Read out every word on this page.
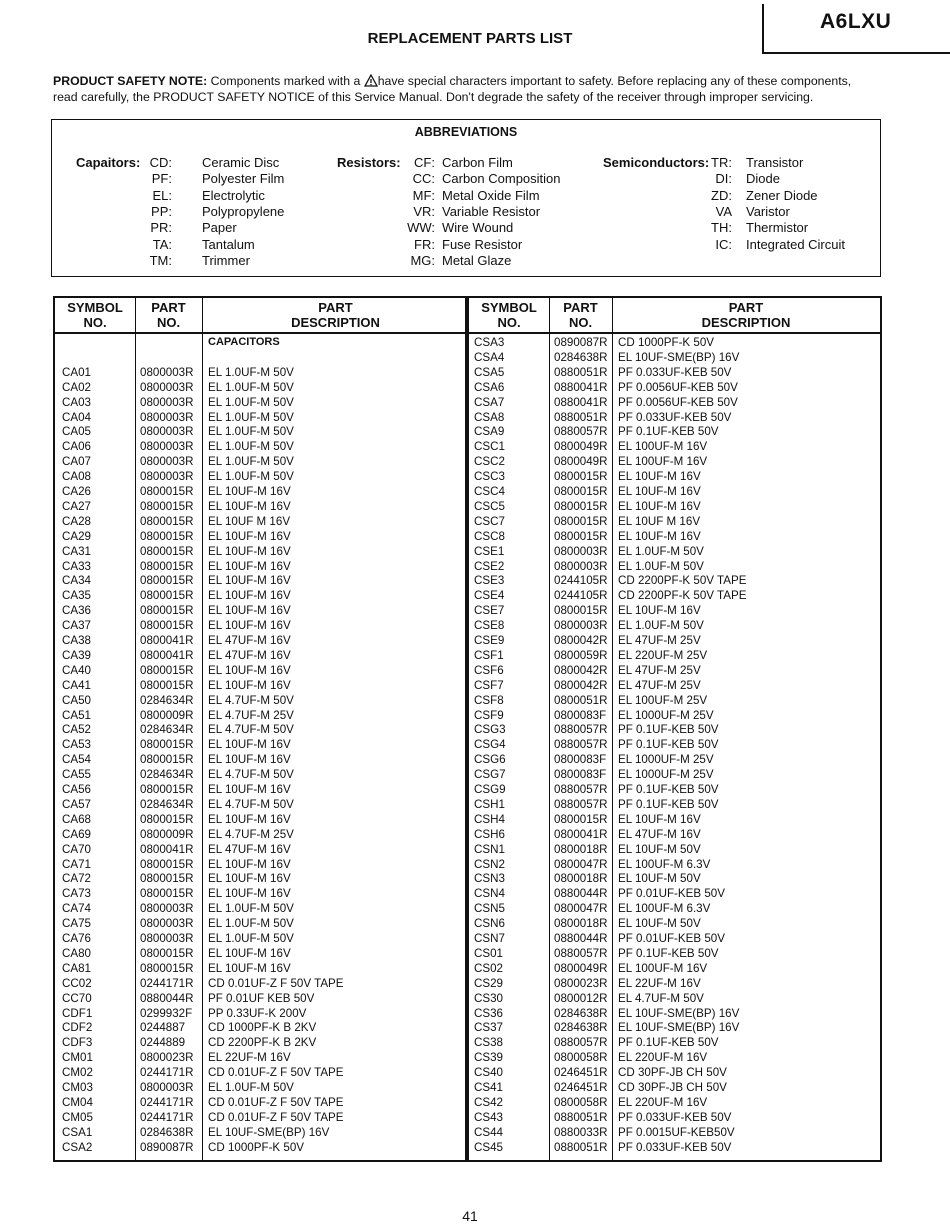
A6LXU
REPLACEMENT PARTS LIST
PRODUCT SAFETY NOTE: Components marked with a have special characters important to safety. Before replacing any of these components,
read carefully, the PRODUCT SAFETY NOTICE of this Service Manual. Don't degrade the safety of the receiver through improper servicing.
ABBREVIATIONS
Capaitors: CD: Ceramic Disc
PF: Polyester Film
EL: Electrolytic
PP: Polypropylene
PR: Paper
TA: Tantalum
TM: Trimmer
Resistors:	CF: Carbon Film
CC: Carbon Composition
MF: Metal Oxide Film
VR: Variable Resistor
WW: Wire Wound
FR: Fuse Resistor
MG: Metal Glaze
Semiconductors: TR: Transistor
DI: Diode
ZD: Zener Diode
VA Varistor
TH: Thermistor
IC: Integrated Circuit
SYMBOL
NO.
PART
NO.
PART
DESCRIPTION
CAPACITORS
CA01	0800003R	EL 1.0UF-M 50V
CA02	0800003R	EL 1.0UF-M 50V
CA03	0800003R	EL 1.0UF-M 50V
CA04	0800003R	EL 1.0UF-M 50V
CA05	0800003R	EL 1.0UF-M 50V
CA06	0800003R	EL 1.0UF-M 50V
CA07	0800003R	EL 1.0UF-M 50V
CA08	0800003R	EL 1.0UF-M 50V
CA26	0800015R	EL 10UF-M 16V
CA27	0800015R	EL 10UF-M 16V
CA28	0800015R	EL 10UF M 16V
CA29	0800015R	EL 10UF-M 16V
CA31	0800015R	EL 10UF-M 16V
CA33	0800015R	EL 10UF-M 16V
CA34	0800015R	EL 10UF-M 16V
CA35	0800015R	EL 10UF-M 16V
CA36	0800015R	EL 10UF-M 16V
CA37	0800015R	EL 10UF-M 16V
CA38	0800041R	EL 47UF-M 16V
CA39	0800041R	EL 47UF-M 16V
CA40	0800015R	EL 10UF-M 16V
CA41	0800015R	EL 10UF-M 16V
CA50	0284634R	EL 4.7UF-M 50V
CA51	0800009R	EL 4.7UF-M 25V
CA52	0284634R	EL 4.7UF-M 50V
CA53	0800015R	EL 10UF-M 16V
CA54	0800015R	EL 10UF-M 16V
CA55	0284634R	EL 4.7UF-M 50V
CA56	0800015R	EL 10UF-M 16V
CA57	0284634R	EL 4.7UF-M 50V
CA68	0800015R	EL 10UF-M 16V
CA69	0800009R	EL 4.7UF-M 25V
CA70	0800041R	EL 47UF-M 16V
CA71	0800015R	EL 10UF-M 16V
CA72	0800015R	EL 10UF-M 16V
CA73	0800015R	EL 10UF-M 16V
CA74	0800003R	EL 1.0UF-M 50V
CA75	0800003R	EL 1.0UF-M 50V
CA76	0800003R	EL 1.0UF-M 50V
CA80	0800015R	EL 10UF-M 16V
CA81	0800015R	EL 10UF-M 16V
CC02	0244171R	CD 0.01UF-Z F 50V TAPE
CC70	0880044R	PF 0.01UF KEB 50V
CDF1	0299932F	PP 0.33UF-K 200V
CDF2	0244887	CD 1000PF-K B 2KV
CDF3	0244889	CD 2200PF-K B 2KV
CM01	0800023R	EL 22UF-M 16V
CM02	0244171R	CD 0.01UF-Z F 50V TAPE
CM03	0800003R	EL 1.0UF-M 50V
CM04	0244171R	CD 0.01UF-Z F 50V TAPE
CM05	0244171R	CD 0.01UF-Z F 50V TAPE
CSA1	0284638R	EL 10UF-SME(BP) 16V
CSA2	0890087R	CD 1000PF-K 50V
SYMBOL
NO.
PART
NO.
PART
DESCRIPTION
CSA3	0890087R CD 1000PF-K 50V
CSA4	0284638R EL 10UF-SME(BP) 16V
CSA5	0880051R PF 0.033UF-KEB 50V
CSA6	0880041R PF 0.0056UF-KEB 50V
CSA7	0880041R PF 0.0056UF-KEB 50V
CSA8	0880051R PF 0.033UF-KEB 50V
CSA9	0880057R PF 0.1UF-KEB 50V
CSC1	0800049R EL 100UF-M 16V
CSC2	0800049R EL 100UF-M 16V
CSC3	0800015R EL 10UF-M 16V
CSC4	0800015R EL 10UF-M 16V
CSC5	0800015R EL 10UF-M 16V
CSC7	0800015R EL 10UF M 16V
CSC8	0800015R EL 10UF-M 16V
CSE1	0800003R EL 1.0UF-M 50V
CSE2	0800003R EL 1.0UF-M 50V
CSE3	0244105R CD 2200PF-K 50V TAPE
CSE4	0244105R CD 2200PF-K 50V TAPE
CSE7	0800015R EL 10UF-M 16V
CSE8	0800003R EL 1.0UF-M 50V
CSE9	0800042R EL 47UF-M 25V
CSF1	0800059R EL 220UF-M 25V
CSF6	0800042R EL 47UF-M 25V
CSF7	0800042R EL 47UF-M 25V
CSF8	0800051R EL 100UF-M 25V
CSF9	0800083F	EL 1000UF-M 25V
CSG3	0880057R PF 0.1UF-KEB 50V
CSG4	0880057R PF 0.1UF-KEB 50V
CSG6	0800083F	EL 1000UF-M 25V
CSG7	0800083F	EL 1000UF-M 25V
CSG9	0880057R PF 0.1UF-KEB 50V
CSH1	0880057R PF 0.1UF-KEB 50V
CSH4	0800015R EL 10UF-M 16V
CSH6	0800041R EL 47UF-M 16V
CSN1	0800018R EL 10UF-M 50V
CSN2	0800047R EL 100UF-M 6.3V
CSN3	0800018R EL 10UF-M 50V
CSN4	0880044R PF 0.01UF-KEB 50V
CSN5	0800047R EL 100UF-M 6.3V
CSN6	0800018R EL 10UF-M 50V
CSN7	0880044R PF 0.01UF-KEB 50V
CS01	0880057R PF 0.1UF-KEB 50V
CS02	0800049R EL 100UF-M 16V
CS29	0800023R EL 22UF-M 16V
CS30	0800012R EL 4.7UF-M 50V
CS36	0284638R EL 10UF-SME(BP) 16V
CS37	0284638R EL 10UF-SME(BP) 16V
CS38	0880057R PF 0.1UF-KEB 50V
CS39	0800058R EL 220UF-M 16V
CS40	0246451R CD 30PF-JB CH 50V
CS41	0246451R CD 30PF-JB CH 50V
CS42	0800058R EL 220UF-M 16V
CS43	0880051R PF 0.033UF-KEB 50V
CS44	0880033R PF 0.0015UF-KEB50V
CS45	0880051R PF 0.033UF-KEB 50V
41
